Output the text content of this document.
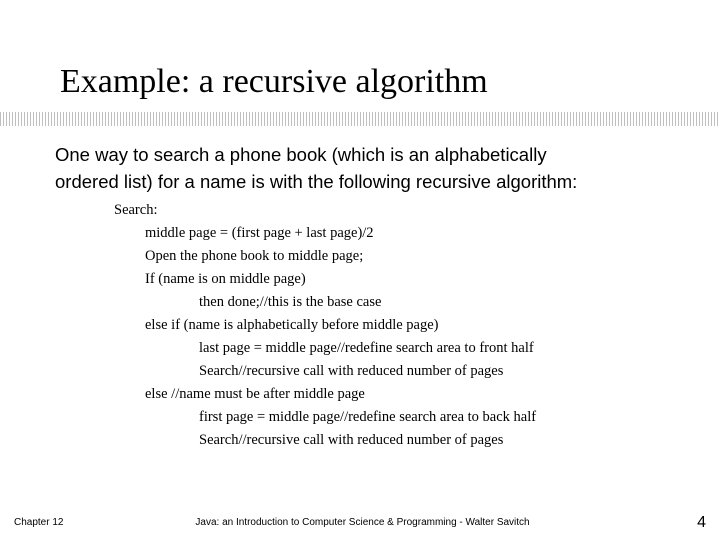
Example: a recursive algorithm
One way to search a phone book (which is an alphabetically
ordered list) for a name is with the following recursive algorithm:
Search:
middle page = (first page + last page)/2
Open the phone book to middle page;
If (name is on middle page)
then done;//this is the base case
else if (name is alphabetically before middle page)
last page = middle page//redefine search area to front half
Search//recursive call with reduced number of pages
else //name must be after middle page
first page = middle page//redefine search area to back half
Search//recursive call with reduced number of pages
Chapter 12	Java: an Introduction to Computer Science & Programming - Walter Savitch	4
